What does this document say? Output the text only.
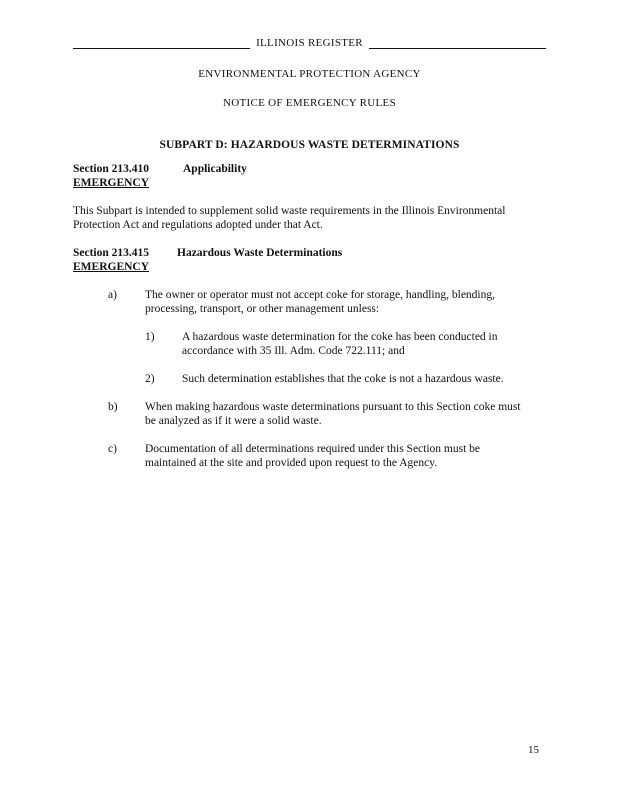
ILLINOIS REGISTER
ENVIRONMENTAL PROTECTION AGENCY
NOTICE OF EMERGENCY RULES
SUBPART D: HAZARDOUS WASTE DETERMINATIONS
Section 213.410	Applicability
EMERGENCY
This Subpart is intended to supplement solid waste requirements in the Illinois Environmental
Protection Act and regulations adopted under that Act.
Section 213.415 Hazardous Waste Determinations
EMERGENCY
a) The owner or operator must not accept coke for storage, handling, blending,
processing, transport, or other management unless:
1) A hazardous waste determination for the coke has been conducted in
accordance with 35 Ill. Adm. Code 722.111; and
2) Such determination establishes that the coke is not a hazardous waste.
b) When making hazardous waste determinations pursuant to this Section coke must
be analyzed as if it were a solid waste.
c) Documentation of all determinations required under this Section must be
maintained at the site and provided upon request to the Agency.
15
